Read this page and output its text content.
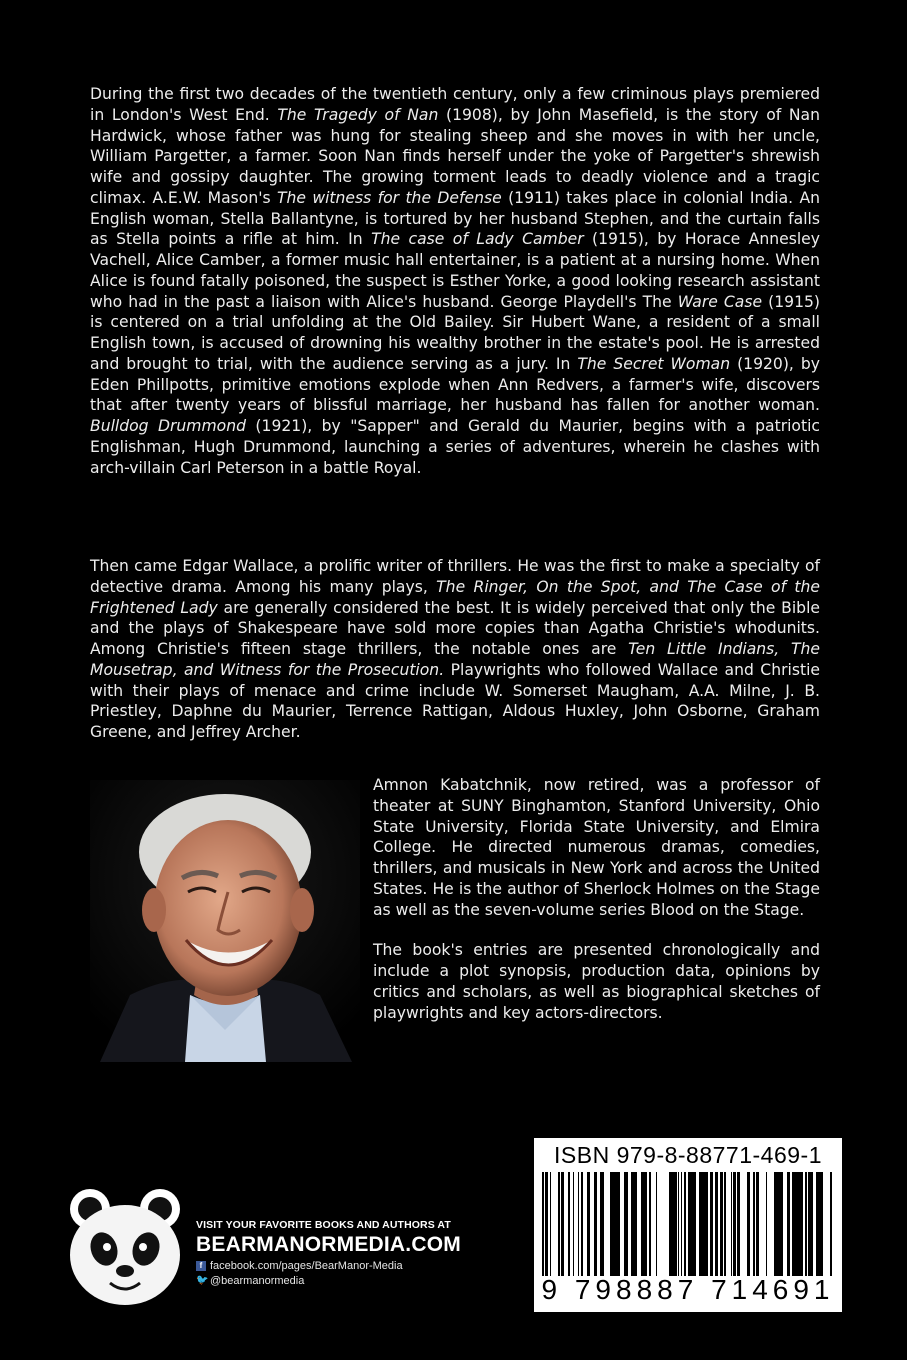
During the first two decades of the twentieth century, only a few criminous plays premiered in London's West End. The Tragedy of Nan (1908), by John Masefield, is the story of Nan Hardwick, whose father was hung for stealing sheep and she moves in with her uncle, William Pargetter, a farmer. Soon Nan finds herself under the yoke of Pargetter's shrewish wife and gossipy daughter. The growing torment leads to deadly violence and a tragic climax. A.E.W. Mason's The witness for the Defense (1911) takes place in colonial India. An English woman, Stella Ballantyne, is tortured by her husband Stephen, and the curtain falls as Stella points a rifle at him. In The case of Lady Camber (1915), by Horace Annesley Vachell, Alice Camber, a former music hall entertainer, is a patient at a nursing home. When Alice is found fatally poisoned, the suspect is Esther Yorke, a good looking research assistant who had in the past a liaison with Alice's husband. George Playdell's The Ware Case (1915) is centered on a trial unfolding at the Old Bailey. Sir Hubert Wane, a resident of a small English town, is accused of drowning his wealthy brother in the estate's pool. He is arrested and brought to trial, with the audience serving as a jury. In The Secret Woman (1920), by Eden Phillpotts, primitive emotions explode when Ann Redvers, a farmer's wife, discovers that after twenty years of blissful marriage, her husband has fallen for another woman. Bulldog Drummond (1921), by "Sapper" and Gerald du Maurier, begins with a patriotic Englishman, Hugh Drummond, launching a series of adventures, wherein he clashes with arch-villain Carl Peterson in a battle Royal.
Then came Edgar Wallace, a prolific writer of thrillers. He was the first to make a specialty of detective drama. Among his many plays, The Ringer, On the Spot, and The Case of the Frightened Lady are generally considered the best. It is widely perceived that only the Bible and the plays of Shakespeare have sold more copies than Agatha Christie's whodunits. Among Christie's fifteen stage thrillers, the notable ones are Ten Little Indians, The Mousetrap, and Witness for the Prosecution. Playwrights who followed Wallace and Christie with their plays of menace and crime include W. Somerset Maugham, A.A. Milne, J. B. Priestley, Daphne du Maurier, Terrence Rattigan, Aldous Huxley, John Osborne, Graham Greene, and Jeffrey Archer.

Amnon Kabatchnik, now retired, was a professor of theater at SUNY Binghamton, Stanford University, Ohio State University, Florida State University, and Elmira College. He directed numerous dramas, comedies, thrillers, and musicals in New York and across the United States. He is the author of Sherlock Holmes on the Stage as well as the seven-volume series Blood on the Stage.

The book's entries are presented chronologically and include a plot synopsis, production data, opinions by critics and scholars, as well as biographical sketches of playwrights and key actors-directors.

VISIT YOUR FAVORITE BOOKS AND AUTHORS AT
BEARMANORMEDIA.COM
f facebook.com/pages/BearManor-Media
🐦 @bearmanormedia
ISBN 979-8-88771-469-1
9 798887 714691
